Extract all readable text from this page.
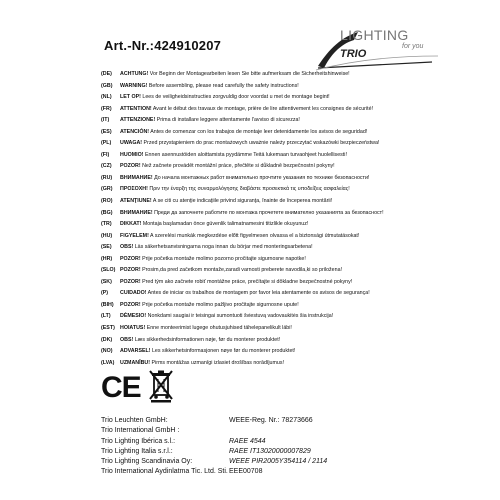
Art.-Nr.:424910207
LIGHTING
for you
TRIO
(DE)	ACHTUNG! Vor Beginn der Montagearbeiten lesen Sie bitte aufmerksam die Sicherheitshinweise!
(GB)	WARNING! Before assembling, please read carefully the safety instructions!
(NL)	LET OP! Lees de veiligheidsinstructies zorgvuldig door voordat u met de montage begint!
(FR)	ATTENTION! Avant le début des travaux de montage, prière de lire attentivement les consignes de sécurité!
(IT)	ATTENZIONE! Prima di installare leggere attentamente l'avviso di sicurezza!
(ES)	ATENCIÓN! Antes de comenzar con los trabajos de montaje leer detenidamente los avisos de seguridad!
(PL)	UWAGA! Przed przystąpieniem do prac montażowych uważnie należy przeczytać wskazówki bezpieczeństwa!
(FI)	HUOMIO! Ennen asennustöiden aloittamista pyydämme Teitä lukemaan turvaohjeet huolellisesti!
(CZ)	POZOR! Než začnete provádět montážní práce, přečtěte si důkladně bezpečnostní pokyny!
(RU)	ВНИМАНИЕ! До начала монтажных работ внимательно прочтите указания по технике безопасности!
(GR)	ΠΡΟΣΟΧΗ! Πριν την έναρξη της συναρμολόγησης διαβάστε προσεκτικά τις υποδείξεις ασφαλείας!
(RO)	ATENŢIUNE! A se citi cu atenţie indicaţiile privind siguranţa, înainte de începerea montării!
(BG)	ВНИМАНИЕ! Преди да започнете работите по монтажа прочетете внимателно указанията за безопасност!
(TR)	DIKKAT! Montaja başlamadan önce güvenlik talimatnamesini titizlikle okuyunuz!
(HU)	FIGYELEM! A szerelési munkák megkezdése előtt figyelmesen olvassa el a biztonsági útmutatásokat!
(SE)	OBS! Läs säkerhetsanvisningarna noga innan du börjar med monteringsarbetena!
(HR)	POZOR! Prije početka montaže molimo pozorno pročitajte sigurnosne napotke!
(SLO) POZOR! Prosim,da pred začetkom montaže,zaradi varnosti preberete navodila,ki so priložena!
(SK)	POZOR! Pred tým ako začnete robiť montážne práce, prečítajte si dôkladne bezpečnostné pokyny!
(P)	CUIDADO! Antes de iniciar os trabalhos de montagem por favor leia atentamente os avisos de segurança!
(BIH)	POZOR! Prije početka montaže molimo pažljivo pročitajte sigurnosne upute!
(LT)	DĖMESIO! Nonkdami saugiai ir teisingai sumontuoti šviestuvą vadovaukitės šia instrukcija!
(EST) HOIATUS! Enne monteerimist lugege ohutusjuhised tähelepanelikult läbi!
(DK)	OBS! Læs sikkerhedsinformationen nøje, før du monterer produktet!
(NO)	ADVARSEL! Les sikkerhetsinformasjonen nøye før du monterer produktet!
(LVA)	UZMANĪBU! Pirms montāžas uzmanīgi izlasiet drošības norādījumus!
CE
Trio Leuchten GmbH:	WEEE-Reg. Nr.: 78273666
Trio International GmbH :
Trio Lighting Ibérica s.l.:	RAEE 4544
Trio Lighting Italia s.r.l.:	RAEE IT13020000007829
Trio Lighting Scandinavia Oy:	WEEE PIR2005Y354114 / 2114
Trio International Aydinlatma Tic. Ltd. Sti. EEE00708
